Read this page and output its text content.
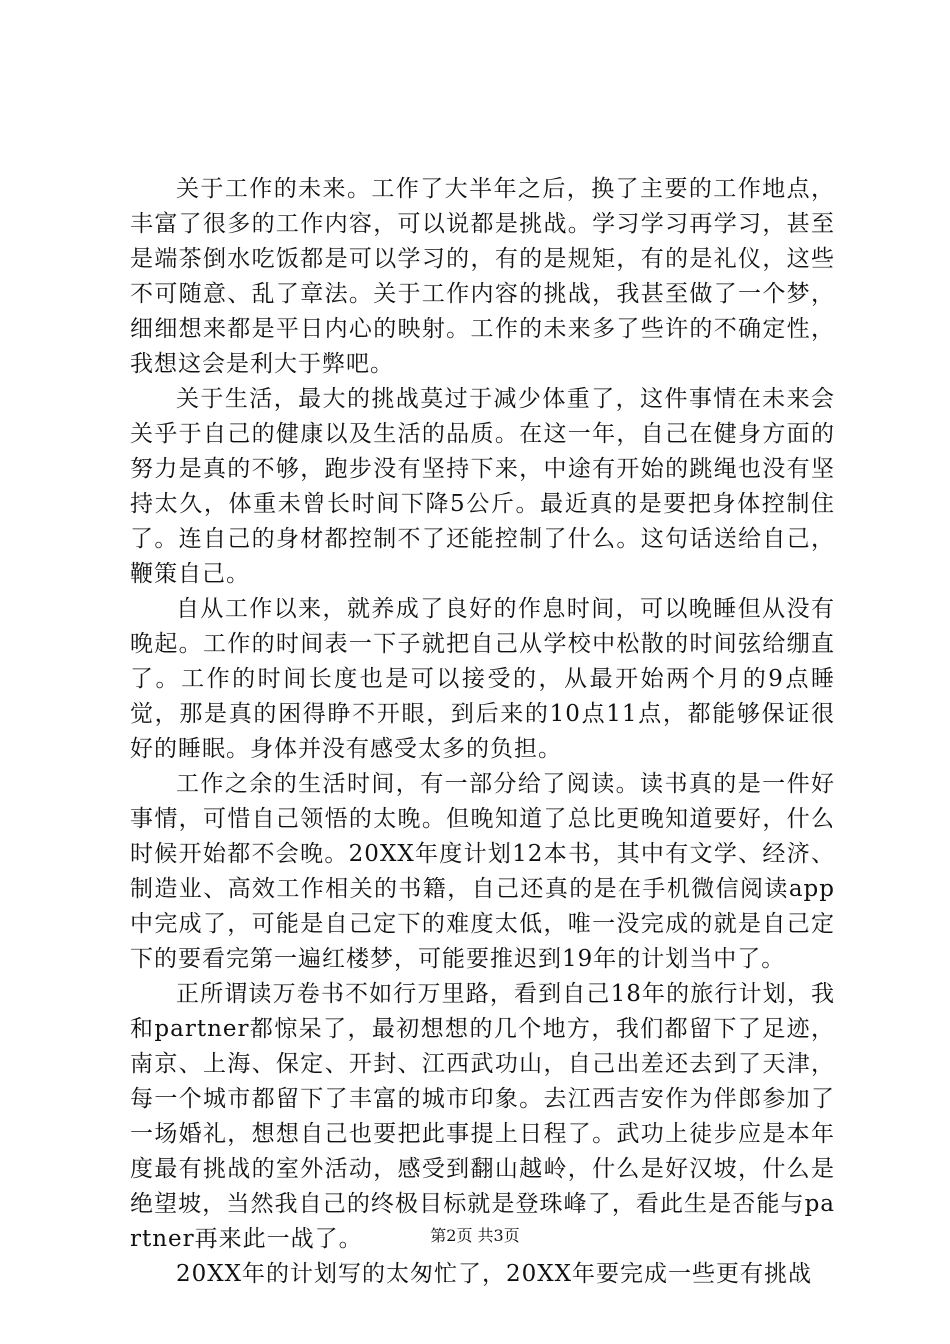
关于工作的未来。工作了大半年之后，换了主要的工作地点，丰富了很多的工作内容，可以说都是挑战。学习学习再学习，甚至是端茶倒水吃饭都是可以学习的，有的是规矩，有的是礼仪，这些不可随意、乱了章法。关于工作内容的挑战，我甚至做了一个梦，细细想来都是平日内心的映射。工作的未来多了些许的不确定性，我想这会是利大于弊吧。

关于生活，最大的挑战莫过于减少体重了，这件事情在未来会关乎于自己的健康以及生活的品质。在这一年，自己在健身方面的努力是真的不够，跑步没有坚持下来，中途有开始的跳绳也没有坚持太久，体重未曾长时间下降5公斤。最近真的是要把身体控制住了。连自己的身材都控制不了还能控制了什么。这句话送给自己，鞭策自己。

自从工作以来，就养成了良好的作息时间，可以晚睡但从没有晚起。工作的时间表一下子就把自己从学校中松散的时间弦给绷直了。工作的时间长度也是可以接受的，从最开始两个月的9点睡觉，那是真的困得睁不开眼，到后来的10点11点，都能够保证很好的睡眠。身体并没有感受太多的负担。

工作之余的生活时间，有一部分给了阅读。读书真的是一件好事情，可惜自己领悟的太晚。但晚知道了总比更晚知道要好，什么时候开始都不会晚。20XX年度计划12本书，其中有文学、经济、制造业、高效工作相关的书籍，自己还真的是在手机微信阅读app中完成了，可能是自己定下的难度太低，唯一没完成的就是自己定下的要看完第一遍红楼梦，可能要推迟到19年的计划当中了。

正所谓读万卷书不如行万里路，看到自己18年的旅行计划，我和partner都惊呆了，最初想想的几个地方，我们都留下了足迹，南京、上海、保定、开封、江西武功山，自己出差还去到了天津，每一个城市都留下了丰富的城市印象。去江西吉安作为伴郎参加了一场婚礼，想想自己也要把此事提上日程了。武功上徒步应是本年度最有挑战的室外活动，感受到翻山越岭，什么是好汉坡，什么是绝望坡，当然我自己的终极目标就是登珠峰了，看此生是否能与partner再来此一战了。

20XX年的计划写的太匆忙了，20XX年要完成一些更有挑战

第2页 共3页
